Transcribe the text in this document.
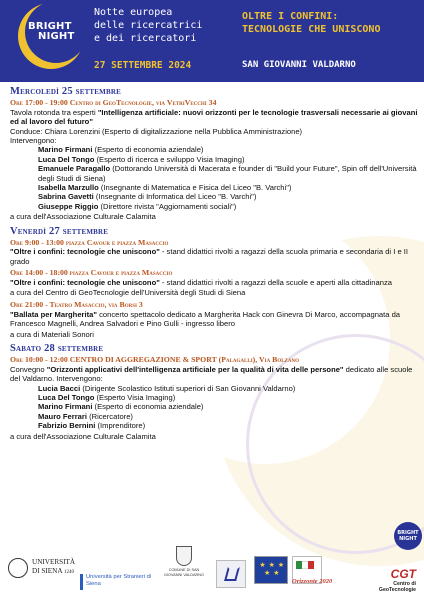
BRIGHT
NIGHT
Notte europea
delle ricercatrici
e dei ricercatori
27 SETTEMBRE 2024
OLTRE I CONFINI:
TECNOLOGIE CHE UNISCONO
SAN GIOVANNI VALDARNO
Mercoledì 25 settembre
Ore 17:00 - 19:00 Centro di GeoTecnologie, via VetriVecchi 34
Tavola rotonda tra esperti "Intelligenza artificiale: nuovi orizzonti per le tecnologie trasversali necessarie ai giovani ed al lavoro del futuro"
Conduce: Chiara Lorenzini (Esperto di digitalizzazione nella Pubblica Amministrazione)
Intervengono:
Marino Firmani (Esperto di economia aziendale)
Luca Del Tongo (Esperto di ricerca e sviluppo Visia Imaging)
Emanuele Paragallo (Dottorando Università di Macerata e founder di "Build your Future", Spin off dell'Università degli Studi di Siena)
Isabella Marzullo (Insegnante di Matematica e Fisica del Liceo "B. Varchi")
Sabrina Gavetti (Insegnante di Informatica del Liceo "B. Varchi")
Giuseppe Riggio (Direttore rivista "Aggiornamenti sociali")
a cura dell'Associazione Culturale Calamita
Venerdì 27 settembre
Ore 9:00 - 13:00 piazza Cavour e piazza Masaccio
"Oltre i confini: tecnologie che uniscono" - stand didattici rivolti a ragazzi della scuola primaria e secondaria di I e II grado
Ore 14:00 - 18:00 piazza Cavour e piazza Masaccio
"Oltre i confini: tecnologie che uniscono" - stand didattici rivolti a ragazzi della scuole e aperti alla cittadinanza
a cura del Centro di GeoTecnologie dell'Università degli Studi di Siena
Ore 21:00 - Teatro Masaccio, via Borsi 3
"Ballata per Margherita" concerto spettacolo dedicato a Margherita Hack con Ginevra Di Marco, accompagnata da Francesco Magnelli, Andrea Salvadori e Pino Gulli - ingresso libero
a cura di Materiali Sonori
Sabato 28 settembre
Ore 10:00 - 12:00 CENTRO DI AGGREGAZIONE & SPORT (Palagalli), Via Bolzano
Convegno "Orizzonti applicativi dell'intelligenza artificiale per la qualità di vita delle persone" dedicato alle scuole del Valdarno. Intervengono:
Lucia Bacci (Dirigente Scolastico Istituti superiori di San Giovanni Valdarno)
Luca Del Tongo (Esperto Visia Imaging)
Marino Firmani (Esperto di economia aziendale)
Mauro Ferrari (Ricercatore)
Fabrizio Bernini (Imprenditore)
a cura dell'Associazione Culturale Calamita
BRIGHT
NIGHT
UNIVERSITÀ
DI SIENA 1240
Università per Stranieri di Siena
COMUNE DI SAN GIOVANNI VALDARNO
★ ★ ★ ★ ★
Orizzonte 2020
CGT
Centro di GeoTecnologie
